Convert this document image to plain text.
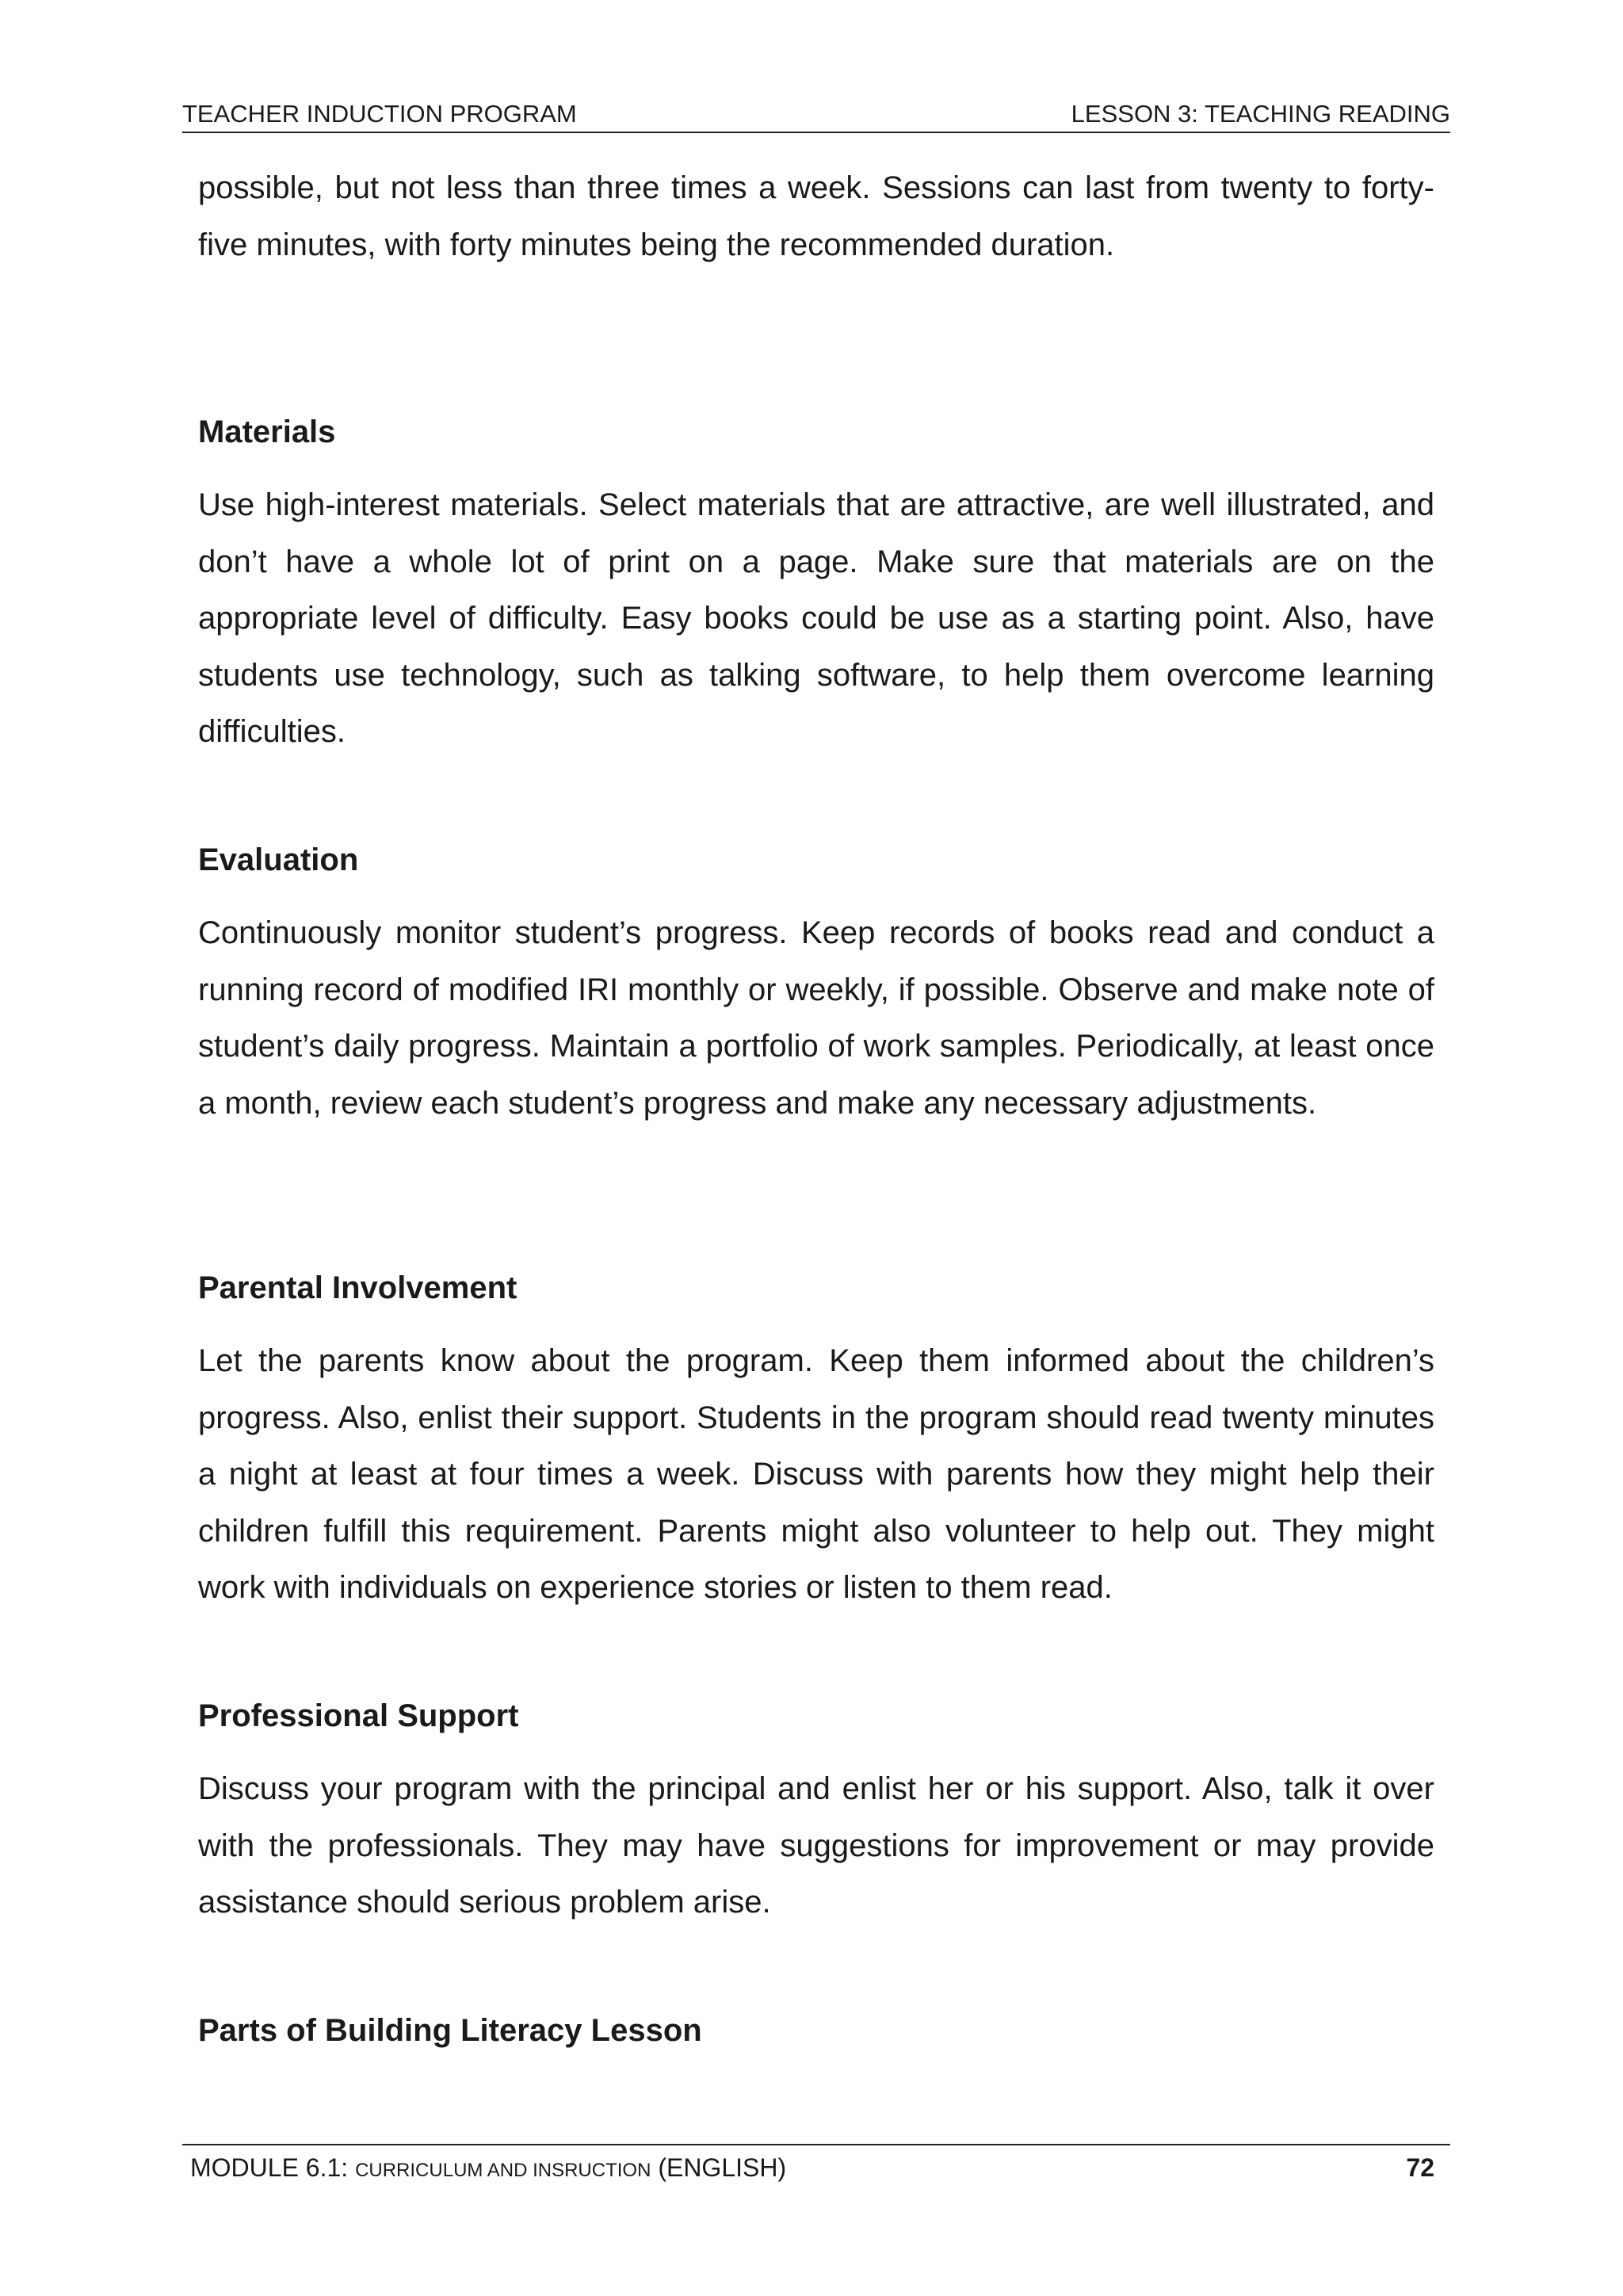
TEACHER INDUCTION PROGRAM	LESSON 3: TEACHING READING

possible, but not less than three times a week. Sessions can last from twenty to forty-five minutes, with forty minutes being the recommended duration.

Materials

Use high-interest materials. Select materials that are attractive, are well illustrated, and don’t have a whole lot of print on a page. Make sure that materials are on the appropriate level of difficulty. Easy books could be use as a starting point. Also, have students use technology, such as talking software, to help them overcome learning difficulties.

Evaluation

Continuously monitor student’s progress. Keep records of books read and conduct a running record of modified IRI monthly or weekly, if possible. Observe and make note of student’s daily progress. Maintain a portfolio of work samples. Periodically, at least once a month, review each student’s progress and make any necessary adjustments.

Parental Involvement

Let the parents know about the program. Keep them informed about the children’s progress. Also, enlist their support. Students in the program should read twenty minutes a night at least at four times a week. Discuss with parents how they might help their children fulfill this requirement. Parents might also volunteer to help out. They might work with individuals on experience stories or listen to them read.

Professional Support

Discuss your program with the principal and enlist her or his support. Also, talk it over with the professionals. They may have suggestions for improvement or may provide assistance should serious problem arise.

Parts of Building Literacy Lesson
MODULE 6.1: CURRICULUM AND INSRUCTION (ENGLISH)	72
